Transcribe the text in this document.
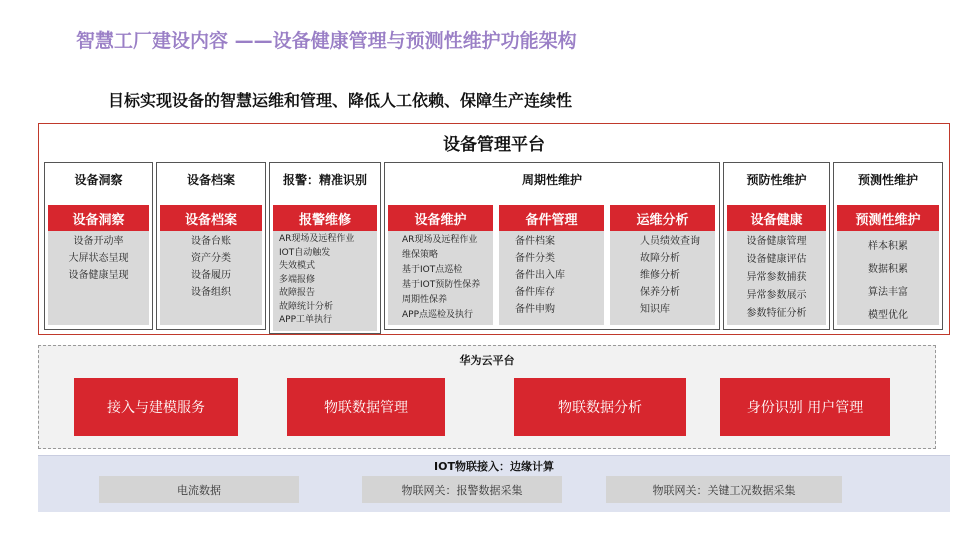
智慧工厂建设内容 ——设备健康管理与预测性维护功能架构
目标实现设备的智慧运维和管理、降低人工依赖、保障生产连续性
设备管理平台
设备洞察
设备洞察
设备开动率
大屏状态呈现
设备健康呈现
设备档案
设备档案
设备台账
资产分类
设备履历
设备组织
报警：精准识别
报警维修
AR现场及远程作业
IOT自动触发
失效模式
多端报修
故障报告
故障统计分析
APP工单执行
周期性维护
设备维护
AR现场及远程作业
维保策略
基于IOT点巡检
基于IOT预防性保养
周期性保养
APP点巡检及执行
备件管理
备件档案
备件分类
备件出入库
备件库存
备件申购
运维分析
人员绩效查询
故障分析
维修分析
保养分析
知识库
预防性维护
设备健康
设备健康管理
设备健康评估
异常参数捕获
异常参数展示
参数特征分析
预测性维护
预测性维护
样本积累
数据积累
算法丰富
模型优化
华为云平台
接入与建模服务	物联数据管理	物联数据分析	身份识别 用户管理
IOT物联接入：边缘计算
电流数据	物联网关：报警数据采集	物联网关：关键工况数据采集
